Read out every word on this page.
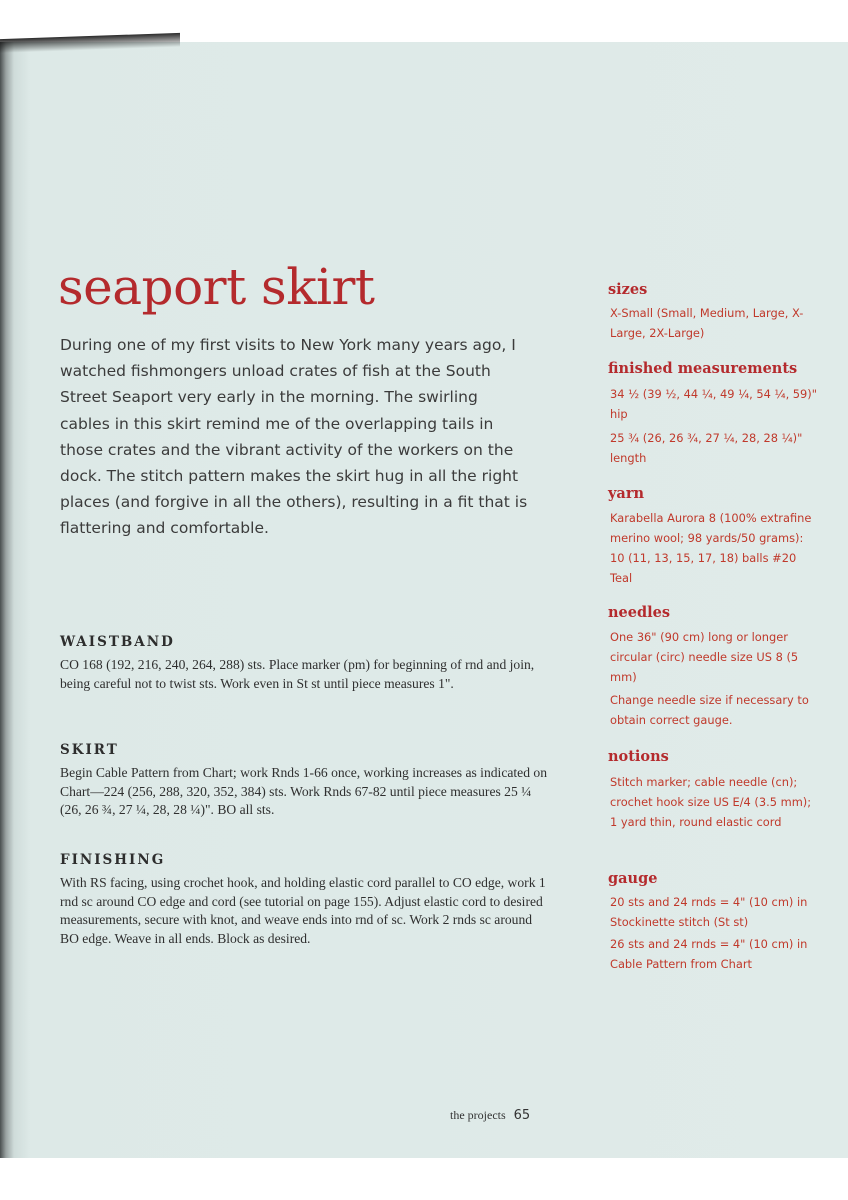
seaport skirt

During one of my first visits to New York many years ago, I watched fishmongers unload crates of fish at the South Street Seaport very early in the morning. The swirling cables in this skirt remind me of the overlapping tails in those crates and the vibrant activity of the workers on the dock. The stitch pattern makes the skirt hug in all the right places (and forgive in all the others), resulting in a fit that is flattering and comfortable.

WAISTBAND

CO 168 (192, 216, 240, 264, 288) sts. Place marker (pm) for beginning of rnd and join, being careful not to twist sts. Work even in St st until piece measures 1".

SKIRT

Begin Cable Pattern from Chart; work Rnds 1-66 once, working increases as indicated on Chart—224 (256, 288, 320, 352, 384) sts. Work Rnds 67-82 until piece measures 25 ¼ (26, 26 ¾, 27 ¼, 28, 28 ¼)". BO all sts.

FINISHING

With RS facing, using crochet hook, and holding elastic cord parallel to CO edge, work 1 rnd sc around CO edge and cord (see tutorial on page 155). Adjust elastic cord to desired measurements, secure with knot, and weave ends into rnd of sc. Work 2 rnds sc around BO edge. Weave in all ends. Block as desired.

sizes

X-Small (Small, Medium, Large, X-Large, 2X-Large)

finished measurements

34 ½ (39 ½, 44 ¼, 49 ¼, 54 ¼, 59)" hip

25 ¾ (26, 26 ¾, 27 ¼, 28, 28 ¼)" length

yarn

Karabella Aurora 8 (100% extrafine merino wool; 98 yards/50 grams): 10 (11, 13, 15, 17, 18) balls #20 Teal

needles

One 36" (90 cm) long or longer circular (circ) needle size US 8 (5 mm)

Change needle size if necessary to obtain correct gauge.

notions

Stitch marker; cable needle (cn); crochet hook size US E/4 (3.5 mm); 1 yard thin, round elastic cord

gauge

20 sts and 24 rnds = 4" (10 cm) in Stockinette stitch (St st)

26 sts and 24 rnds = 4" (10 cm) in Cable Pattern from Chart

the projects 65
